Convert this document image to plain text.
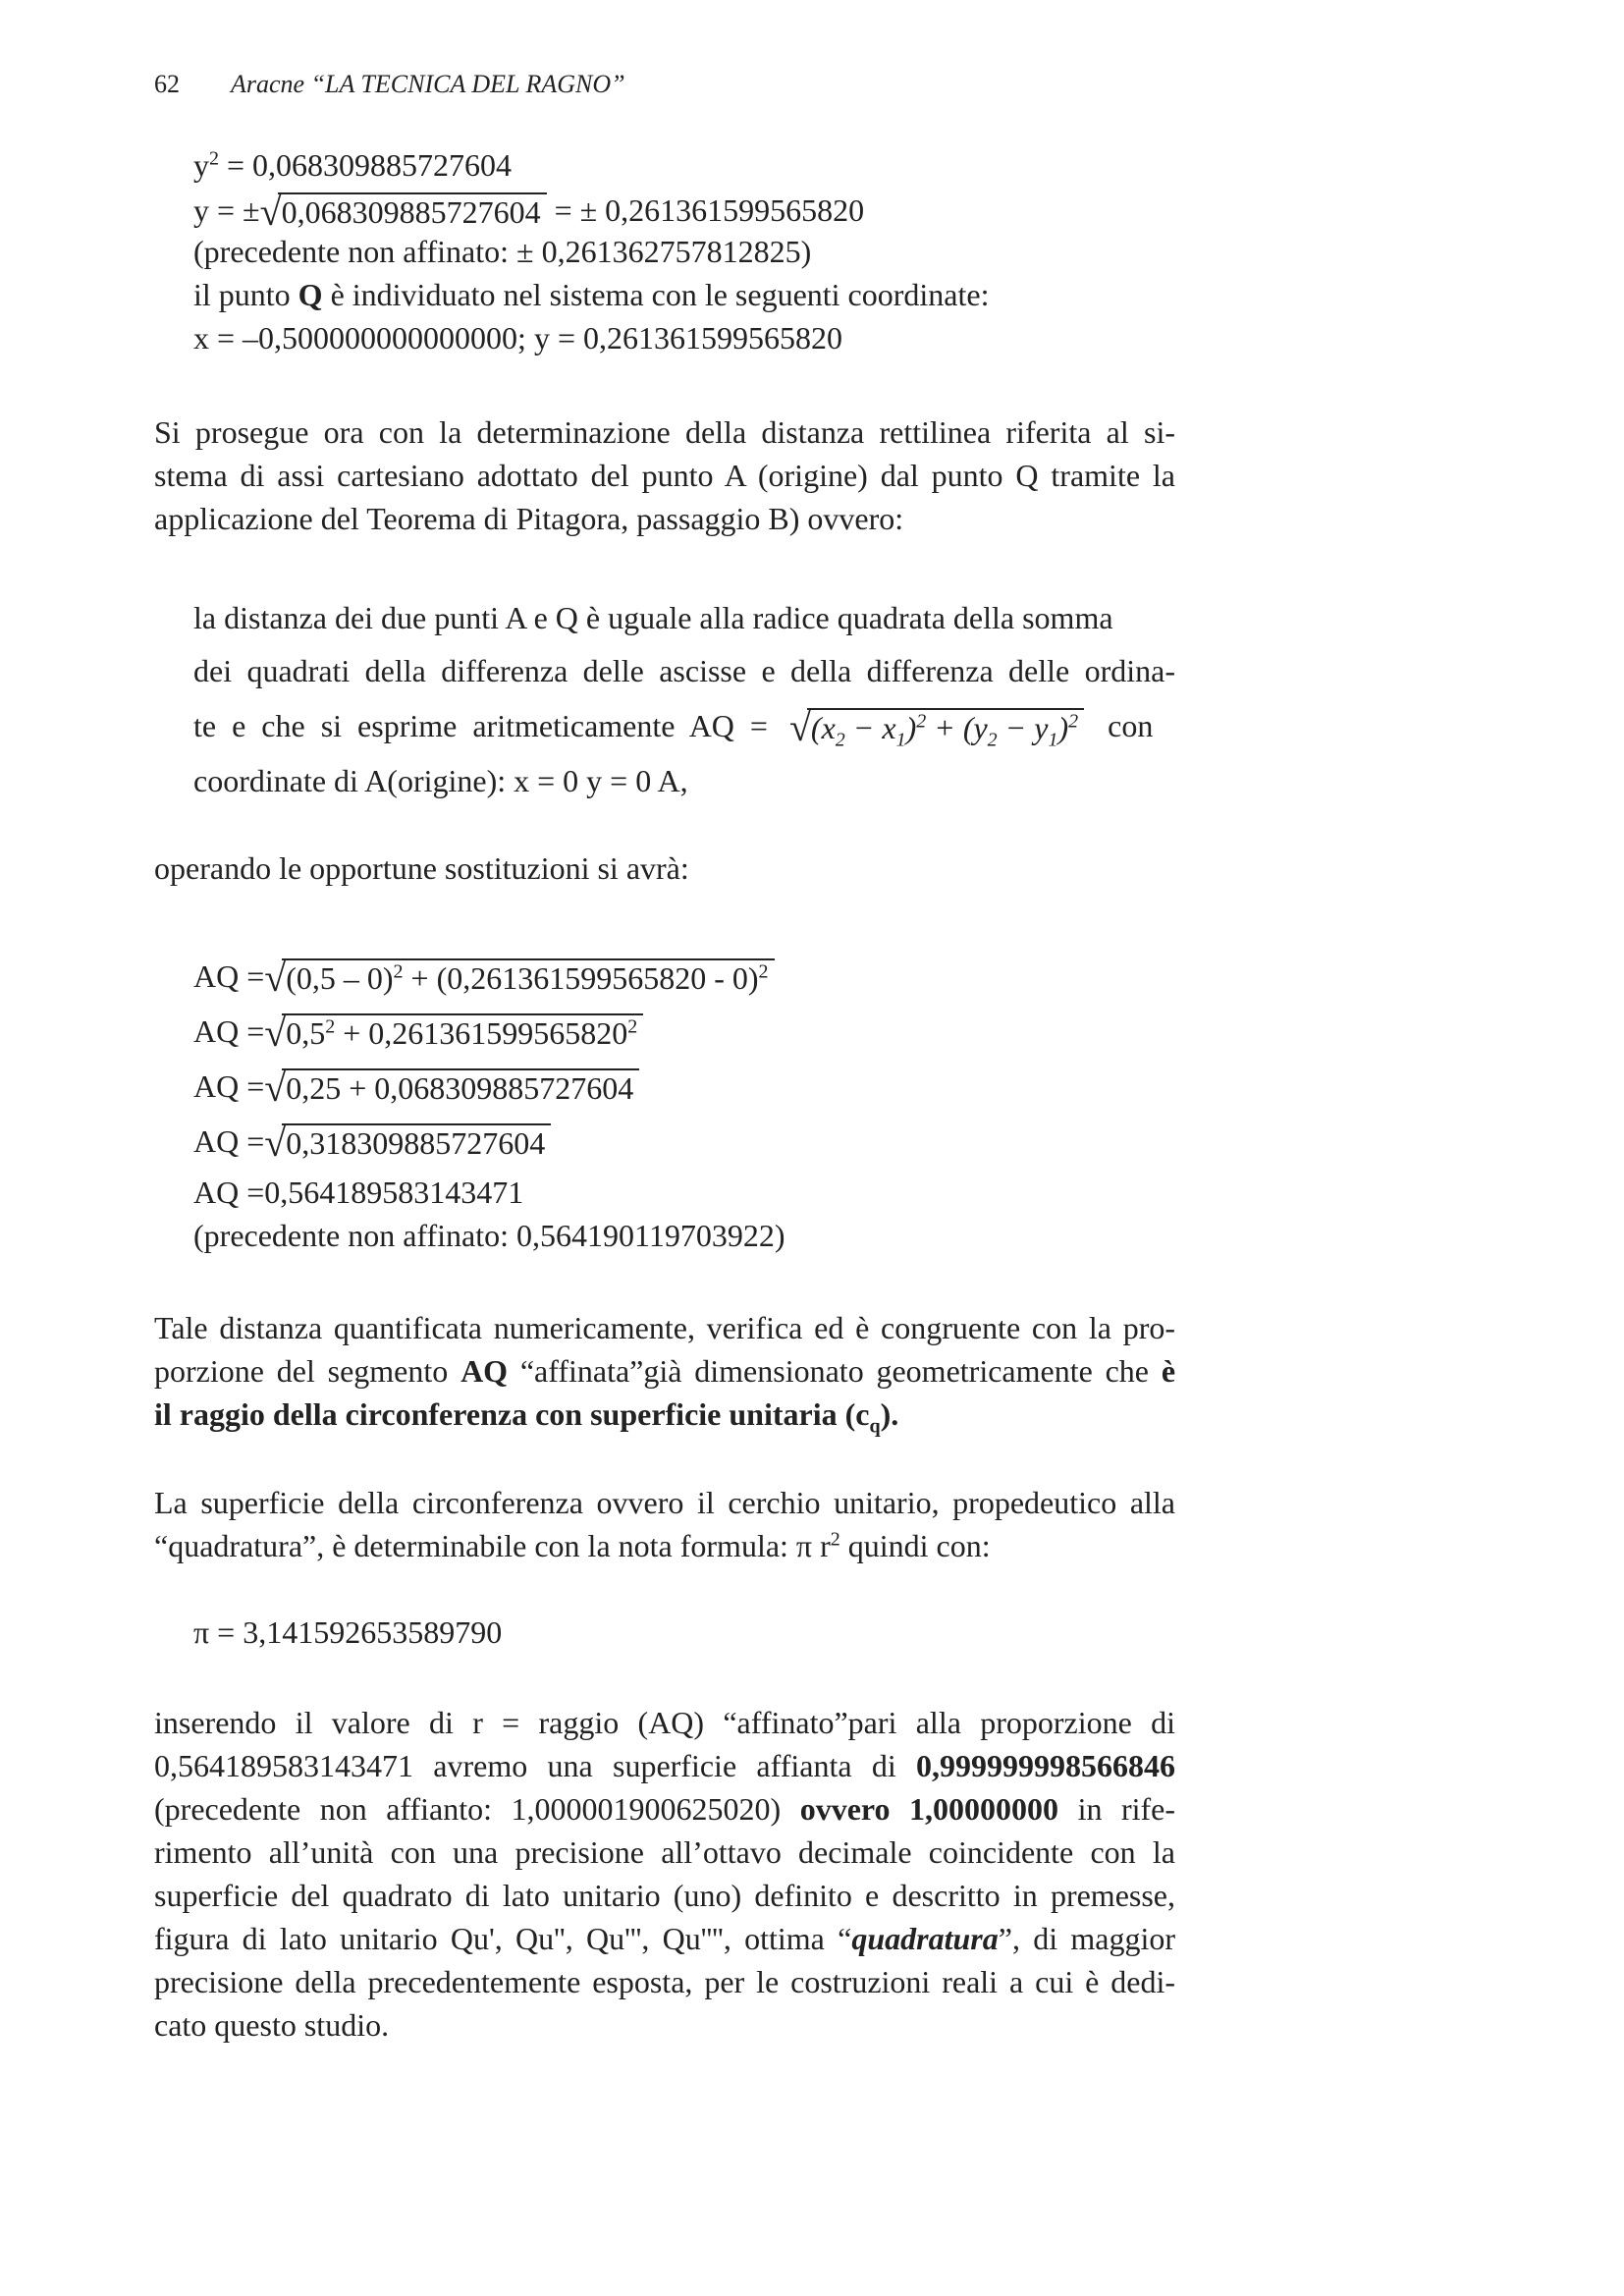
62 Aracne “LA TECNICA DEL RAGNO”
$y^2 = 0,068309885727604$
y = ±√0,068309885727604 = ± 0,261361599565820
(precedente non affinato: ± 0,261362757812825)
il punto Q è individuato nel sistema con le seguenti coordinate:
x = –0,500000000000000; y = 0,261361599565820
Si prosegue ora con la determinazione della distanza rettilinea riferita al si-
stema di assi cartesiano adottato del punto A (origine) dal punto Q tramite la
applicazione del Teorema di Pitagora, passaggio B) ovvero:
la distanza dei due punti A e Q è uguale alla radice quadrata della somma
dei quadrati della differenza delle ascisse e della differenza delle ordina-
te e che si esprime aritmeticamente AQ = $√(x_2 - x_1)^2 + (y_2 - y_1)^2$ con
coordinate di A(origine): x = 0 y = 0 A,
operando le opportune sostituzioni si avrà:
AQ =√(0,5 – 0)$^2$ + (0,261361599565820 - 0)$^2$
AQ $=√0,5^2 + 0,261361599565820^2$
AQ =√0,25 + 0,068309885727604
AQ =√0,318309885727604
AQ =0,564189583143471
(precedente non affinato: 0,564190119703922)
Tale distanza quantificata numericamente, verifica ed è congruente con la pro-
porzione del segmento AQ “affinata”già dimensionato geometricamente che è
il raggio della circonferenza con superficie unitaria $(c_q)$.
La superficie della circonferenza ovvero il cerchio unitario, propedeutico alla
“quadratura”, è determinabile con la nota formula: π $r^2$ quindi con:
π = 3,141592653589790
inserendo il valore di r = raggio (AQ) “affinato”pari alla proporzione di
0,564189583143471 avremo una superficie affianta di 0,999999998566846
(precedente non affianto: 1,000001900625020) ovvero 1,00000000 in rife-
rimento all’unità con una precisione all’ottavo decimale coincidente con la
superficie del quadrato di lato unitario (uno) definito e descritto in premesse,
figura di lato unitario Qu', Qu'', Qu''', Qu'''', ottima “quadratura”, di maggior
precisione della precedentemente esposta, per le costruzioni reali a cui è dedi-
cato questo studio.
